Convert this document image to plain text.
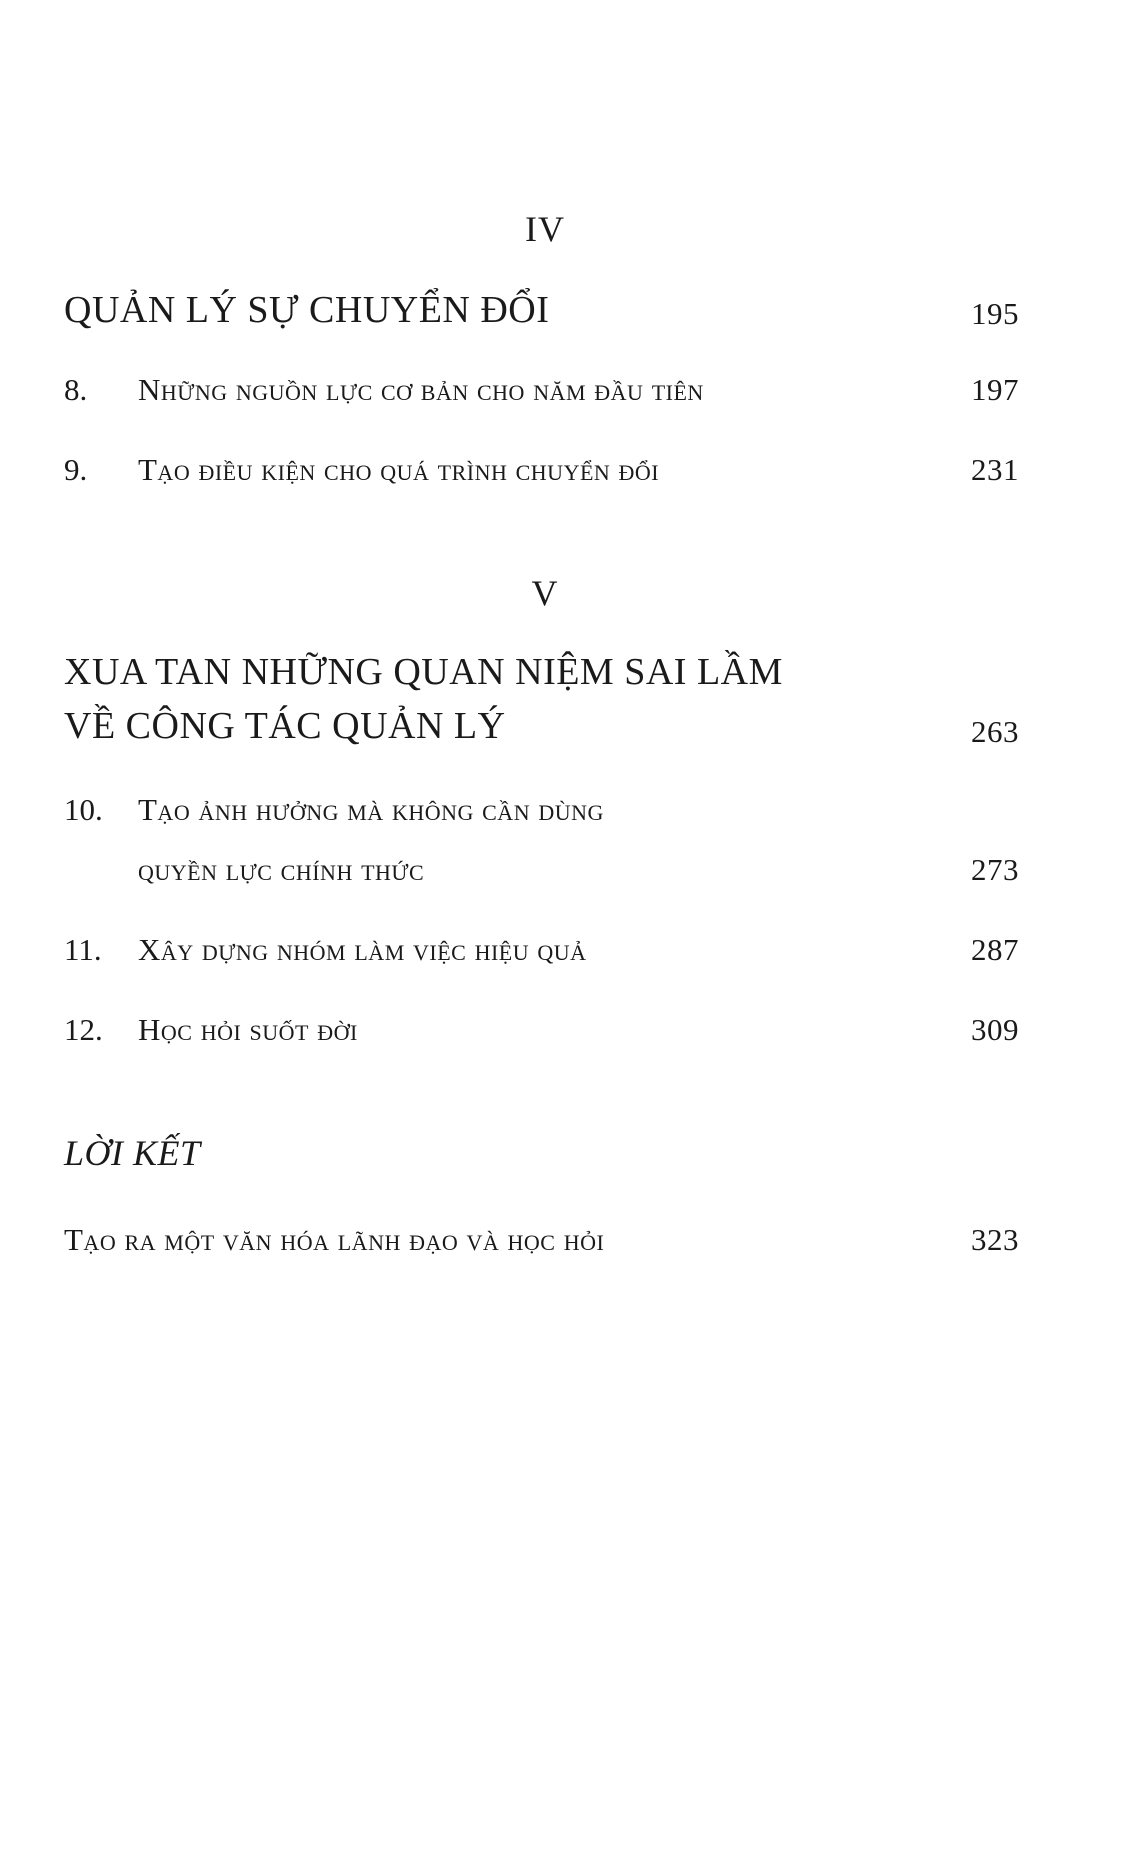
IV
QUẢN LÝ SỰ CHUYỂN ĐỔI	195
8. Những nguồn lực cơ bản cho năm đầu tiên	197
9. Tạo điều kiện cho quá trình chuyển đổi	231
V
XUA TAN NHỮNG QUAN NIỆM SAI LẦM
VỀ CÔNG TÁC QUẢN LÝ	263
10. Tạo ảnh hưởng mà không cần dùng
quyền lực chính thức	273
11. Xây dựng nhóm làm việc hiệu quả	287
12. Học hỏi suốt đời	309
LỜI KẾT
Tạo ra một văn hóa lãnh đạo và học hỏi	323
